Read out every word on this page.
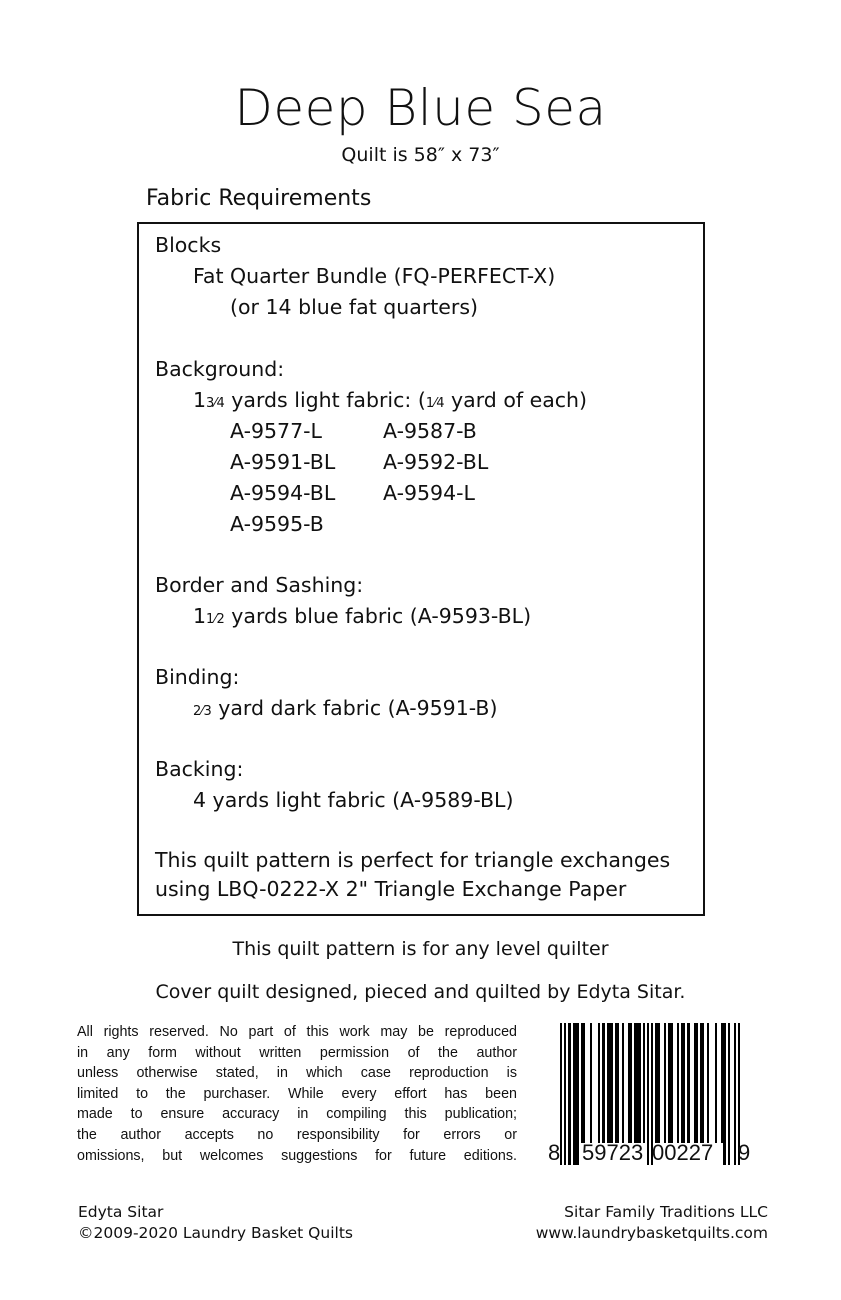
Deep Blue Sea
Quilt is 58″ x 73″
Fabric Requirements
Blocks
Fat Quarter Bundle (FQ-PERFECT-X)
(or 14 blue fat quarters)
Background:
13⁄4 yards light fabric: (1⁄4 yard of each)
A-9577-L	A-9587-B
A-9591-BL A-9592-BL
A-9594-BL A-9594-L
A-9595-B
Border and Sashing:
11⁄2 yards blue fabric (A-9593-BL)
Binding:
2⁄3 yard dark fabric (A-9591-B)
Backing:
4 yards light fabric (A-9589-BL)
This quilt pattern is perfect for triangle exchanges
using LBQ-0222-X 2" Triangle Exchange Paper
This quilt pattern is for any level quilter
Cover quilt designed, pieced and quilted by Edyta Sitar.
All rights reserved. No part of this work may be reproduced
in any form without written permission of the author
unless otherwise stated, in which case reproduction is
limited to the purchaser. While every effort has been
made to ensure accuracy in compiling this publication;
the author accepts no responsibility for errors or
omissions, but welcomes suggestions for future editions. 8 59723 00227 9
Edyta Sitar
©2009-2020 Laundry Basket Quilts
Sitar Family Traditions LLC
www.laundrybasketquilts.com
